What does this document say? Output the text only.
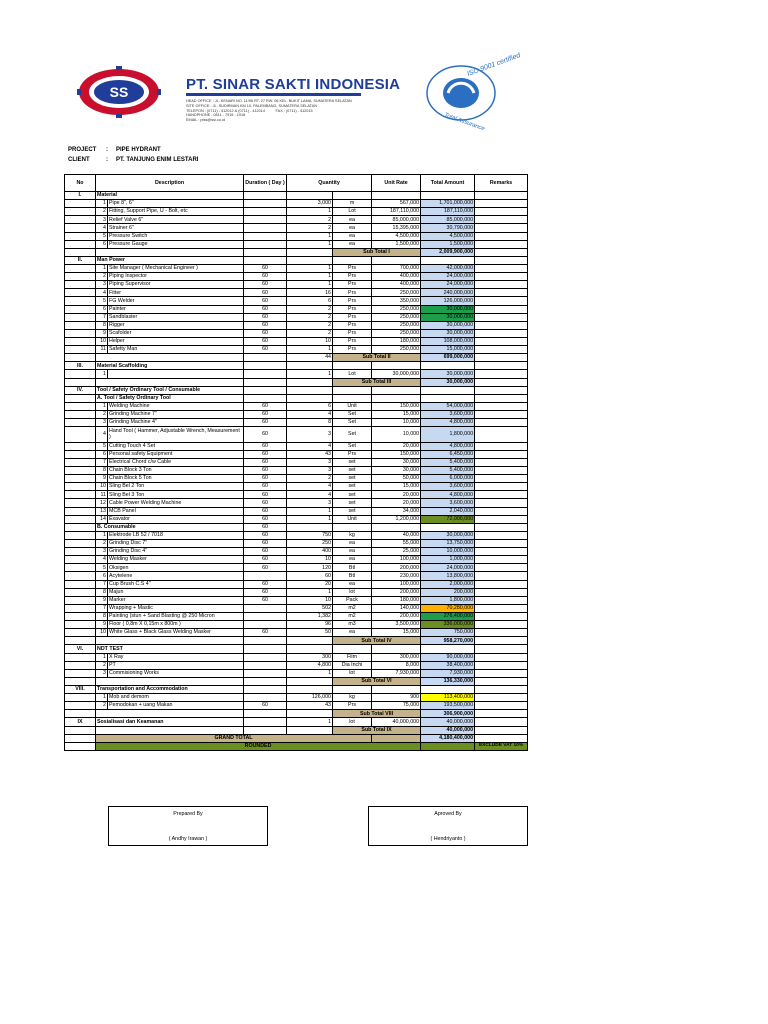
SS	PT. SINAR SAKTI INDONESIA
HEAD OFFICE : JL. KENARI NO. 11/96 RT. 27 RW. 06 KEL. BUKIT LAMA, SUMATERA SELATAN
SITE OFFICE : JL. SUDIRMAN KM 10, PALEMBANG, SUMATERA SELATAN
TELEPON : (0711) - 412012 & (0711) - 412014          FAX : (0711) - 412015
HANDPHONE : 0811 - 7915 - 1918
EMAIL : ptss@ssi.co.id
ISO 9001 certified
Total Assurance
PROJECT : PIPE HYDRANT
CLIENT	: PT. TANJUNG ENIM LESTARI
No	Description		Duration ( Day )	Quantity		Unit Rate	Total Amount	Remarks
I.	Material							
	1	Pipe 8", 6"		3,000	m	567,000	1,701,000,000	
	2	Fitting, Support Pipe, U - Bolt, etc		1	Lot	187,110,000	187,110,000	
	3	Relief Valve 6"		2	ea	85,000,000	85,000,000	
	4	Strainer 6"		2	ea	15,395,000	30,790,000	
	5	Pressure Switch		1	ea	4,500,000	4,500,000	
	6	Pressure Gauge		1	ea	1,500,000	1,500,000	
					Sub Total I		2,009,900,000	
II.	Man Power							
	1	Site Manager ( Mechanical Engineer )	60	1	Prs	700,000	42,000,000	
	2	Piping Inspector	60	1	Prs	400,000	24,000,000	
	3	Piping Supervisor	60	1	Prs	400,000	24,000,000	
	4	Fitter	60	16	Prs	250,000	240,000,000	
	5	FG Welder	60	6	Prs	350,000	126,000,000	
	6	Painter	60	2	Prs	250,000	30,000,000	
	7	Sandblaster	60	2	Prs	250,000	30,000,000	
	8	Rigger	60	2	Prs	250,000	30,000,000	
	9	Scafolder	60	2	Prs	250,000	30,000,000	
	10	Helper	60	10	Prs	180,000	108,000,000	
	11	Safetty Man	60	1	Prs	250,000	15,000,000	
				44	Sub Total II		699,000,000	
III.	Material Scaffolding							
	1			1	Lot	30,000,000	30,000,000	
					Sub Total III		30,000,000	
IV.	Tool / Safety Ordinary Tool / Consumable							
	A. Tool / Safety Ordinary Tool							
	1	Welding Machine	60	6	Unit	150,000	54,000,000	
	2	Grinding Machine 7"	60	4	Set	15,000	3,600,000	
	3	Grinding Machine 4"	60	8	Set	10,000	4,800,000	
	4	Hand Tool ( Hammer, Adjustable Wrench, Measurement )	60	3	Set	10,000	1,800,000	
	5	Cutting Touch 4 Set	60	4	Set	20,000	4,800,000	
	6	Personal safety Equipment	60	43	Prs	150,000	6,450,000	
	7	Electrical Chord c/w Cable	60	3	set	30,000	5,400,000	
	8	Chain Block 3 Ton	60	3	set	30,000	5,400,000	
	9	Chain Block 5 Ton	60	2	set	50,000	6,000,000	
	10	Sling Bel 2 Ton	60	4	set	15,000	3,600,000	
	11	Sling Bel 3 Ton	60	4	set	20,000	4,800,000	
	12	Cable Power Welding Machine	60	3	set	20,000	3,600,000	
	13	MCB Panel	60	1	set	34,000	2,040,000	
	14	Exavator	60	1	Unit	1,200,000	72,000,000	
	B. Consumable		60					
	1	Elektrode LB 52 / 7018	60	750	kg	40,000	30,000,000	
	2	Grinding Disc 7"	60	250	ea	55,000	13,750,000	
	3	Grinding Disc 4"	60	400	ea	25,000	10,000,000	
	4	Welding Masker	60	10	ea	100,000	1,000,000	
	5	Oksigen	60	120	Btl	200,000	24,000,000	
	6	Acytelene		60	Btl	230,000	13,800,000	
	7	Cup Brush C.S 4"	60	20	ea	100,000	2,000,000	
	8	Majun	60	1	lot	200,000	200,000	
	9	Marker	60	10	Pack	180,000	1,800,000	
	7	Wrapping + Mastic		502	m2	140,000	70,280,000	
	8	Painting (stun + Sand Blasting @ 250 Micron		1,382	m2	200,000	276,400,000	
	9	Floor ( 0,8m X 0,15m x 800m )		96	m3	3,500,000	336,000,000	
	10	White Glass + Black Glass Welding Masker	60	50	ea	15,000	750,000	
					Sub Total IV		958,270,000	
VI.	NDT TEST							
	1	X Ray		300	Film	300,000	90,000,000	
	2	PT		4,800	Dia Inchi	8,000	38,400,000	
	3	Commisioning Works		1	lot	7,930,000	7,930,000	
					Sub Total VI		136,330,000	
VIII.	Transportation and Accommodation							
	1	Mob and demom		126,000	kg	900	113,400,000	
	2	Pemodokan + uang Makan	60	43	Prs	75,000	193,500,000	
					Sub Total VIII		306,900,000	
IX	Sosialisasi dan Keamanan			1	lot	40,000,000	40,000,000	
					Sub Total IX		40,000,000	
	GRAND TOTAL						4,180,400,000	
	ROUNDED							EXCLUDE VAT 10%
Prepared By
( Andhy Irawan )
Aproved By
( Hendriyanto )
